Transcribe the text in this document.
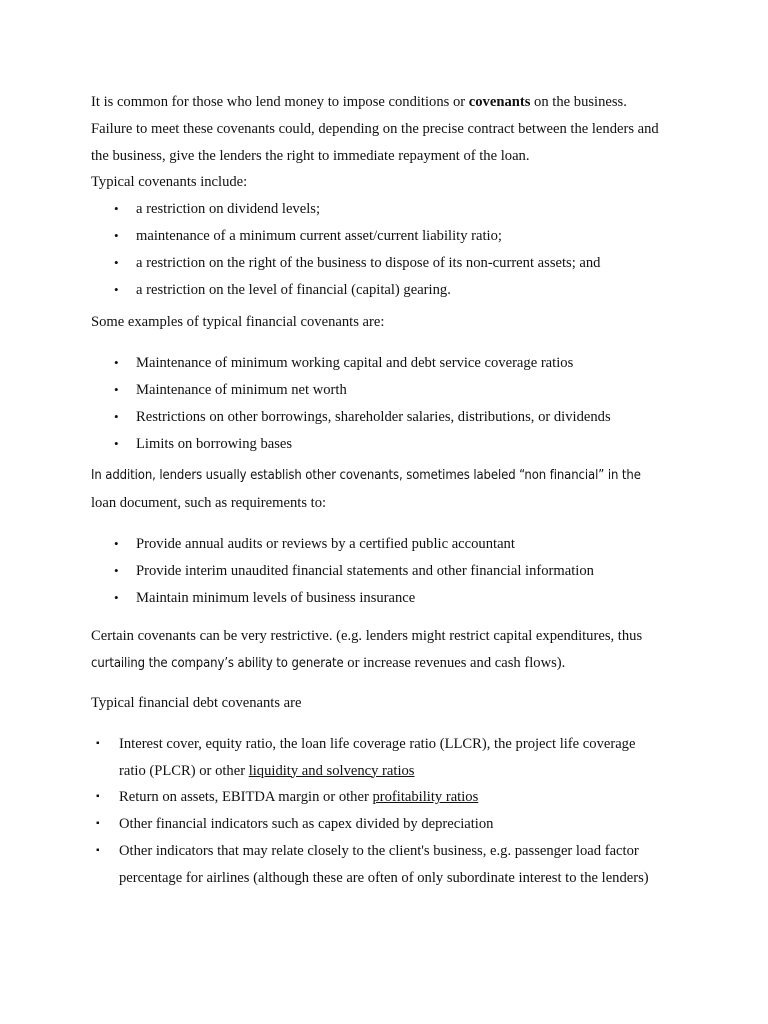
It is common for those who lend money to impose conditions or covenants on the business.
Failure to meet these covenants could, depending on the precise contract between the lenders and
the business, give the lenders the right to immediate repayment of the loan.
Typical covenants include:
• a restriction on dividend levels;
• maintenance of a minimum current asset/current liability ratio;
• a restriction on the right of the business to dispose of its non-current assets; and
• a restriction on the level of financial (capital) gearing.
Some examples of typical financial covenants are:
• Maintenance of minimum working capital and debt service coverage ratios
• Maintenance of minimum net worth
• Restrictions on other borrowings, shareholder salaries, distributions, or dividends
• Limits on borrowing bases
In addition, lenders usually establish other covenants, sometimes labeled “non financial” in the
loan document, such as requirements to:
• Provide annual audits or reviews by a certified public accountant
• Provide interim unaudited financial statements and other financial information
• Maintain minimum levels of business insurance
Certain covenants can be very restrictive. (e.g. lenders might restrict capital expenditures, thus
curtailing the company’s ability to generate or increase revenues and cash flows).
Typical financial debt covenants are
▪ Interest cover, equity ratio, the loan life coverage ratio (LLCR), the project life coverage
ratio (PLCR) or other liquidity and solvency ratios
▪ Return on assets, EBITDA margin or other profitability ratios
▪ Other financial indicators such as capex divided by depreciation
▪ Other indicators that may relate closely to the client's business, e.g. passenger load factor
percentage for airlines (although these are often of only subordinate interest to the lenders)
